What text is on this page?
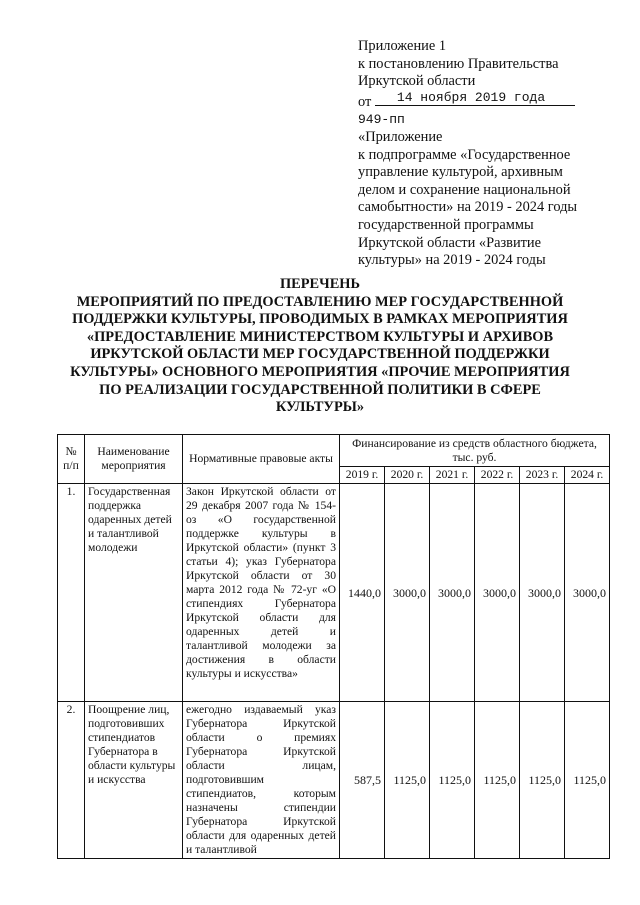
Приложение 1
к постановлению Правительства
Иркутской области
от 14 ноября 2019 года
949-пп
«Приложение
к подпрограмме «Государственное
управление культурой, архивным
делом и сохранение национальной
самобытности» на 2019 - 2024 годы
государственной программы
Иркутской области «Развитие
культуры» на 2019 - 2024 годы
ПЕРЕЧЕНЬ
МЕРОПРИЯТИЙ ПО ПРЕДОСТАВЛЕНИЮ МЕР ГОСУДАРСТВЕННОЙ
ПОДДЕРЖКИ КУЛЬТУРЫ, ПРОВОДИМЫХ В РАМКАХ МЕРОПРИЯТИЯ
«ПРЕДОСТАВЛЕНИЕ МИНИСТЕРСТВОМ КУЛЬТУРЫ И АРХИВОВ
ИРКУТСКОЙ ОБЛАСТИ МЕР ГОСУДАРСТВЕННОЙ ПОДДЕРЖКИ
КУЛЬТУРЫ» ОСНОВНОГО МЕРОПРИЯТИЯ «ПРОЧИЕ МЕРОПРИЯТИЯ
ПО РЕАЛИЗАЦИИ ГОСУДАРСТВЕННОЙ ПОЛИТИКИ В СФЕРЕ
КУЛЬТУРЫ»
№ п/п	Наименование мероприятия	Нормативные правовые акты	Финансирование из средств областного бюджета, тыс. руб.					
			2019 г.	2020 г.	2021 г.	2022 г.	2023 г.	2024 г.
1.	Государственная поддержка одаренных детей и талантливой молодежи	Закон Иркутской области от 29 декабря 2007 года № 154-оз «О государственной поддержке культуры в Иркутской области» (пункт 3 статьи 4); указ Губернатора Иркутской области от 30 марта 2012 года № 72-уг «О стипендиях Губернатора Иркутской области для одаренных детей и талантливой молодежи за достижения в области культуры и искусства»	1440,0	3000,0	3000,0	3000,0	3000,0	3000,0
2.	Поощрение лиц, подготовивших стипендиатов Губернатора в области культуры и искусства	ежегодно издаваемый указ Губернатора Иркутской области о премиях Губернатора Иркутской области лицам, подготовившим стипендиатов, которым назначены стипендии Губернатора Иркутской области для одаренных детей и талантливой	587,5	1125,0	1125,0	1125,0	1125,0	1125,0
